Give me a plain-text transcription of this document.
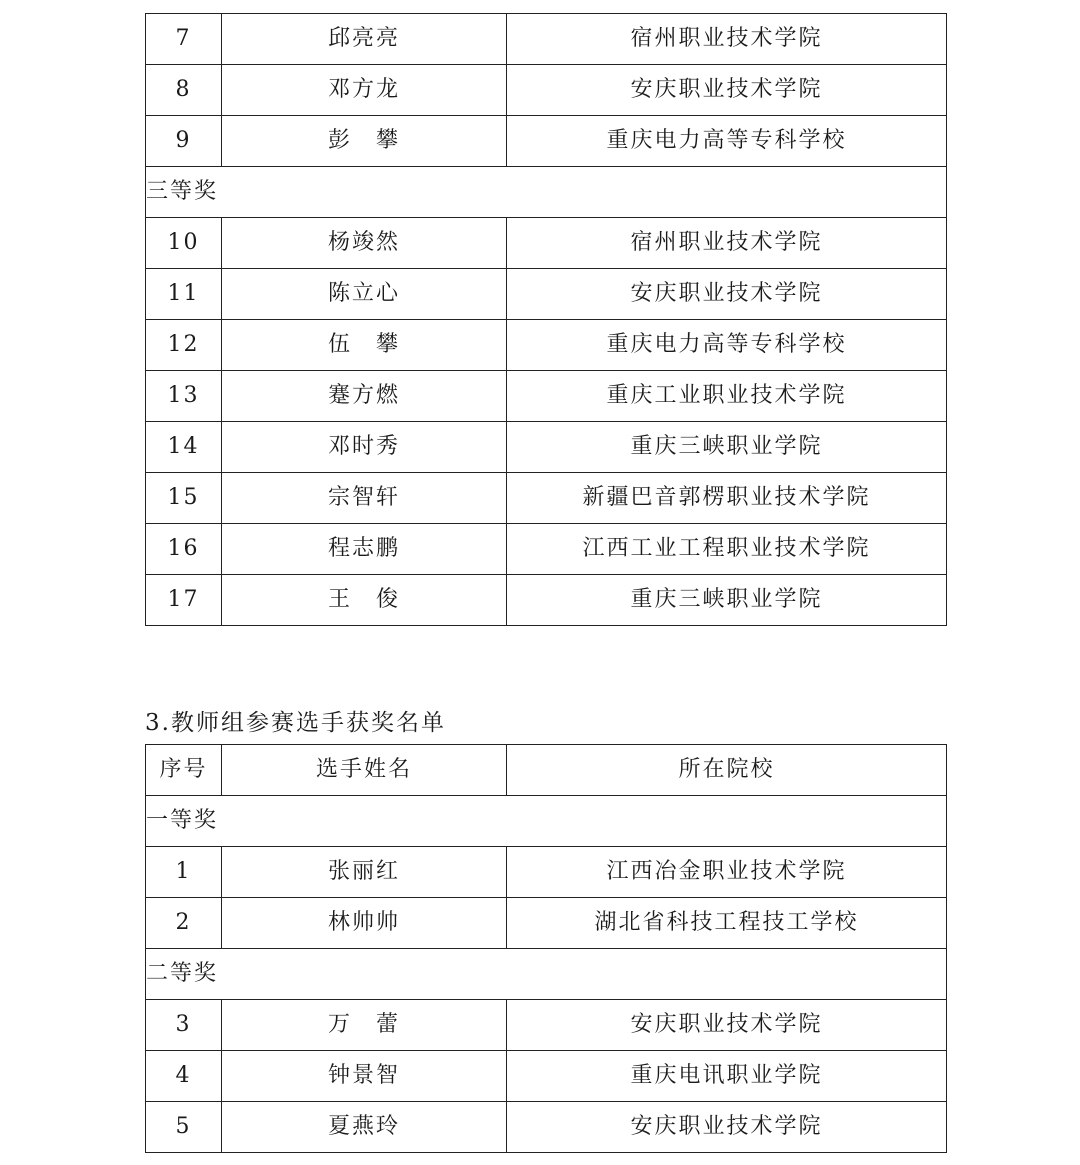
7	邱亮亮	宿州职业技术学院
8	邓方龙	安庆职业技术学院
9	彭　攀	重庆电力高等专科学校
三等奖		
10	杨竣然	宿州职业技术学院
11	陈立心	安庆职业技术学院
12	伍　攀	重庆电力高等专科学校
13	蹇方燃	重庆工业职业技术学院
14	邓时秀	重庆三峡职业学院
15	宗智轩	新疆巴音郭楞职业技术学院
16	程志鹏	江西工业工程职业技术学院
17	王　俊	重庆三峡职业学院
3.教师组参赛选手获奖名单
序号	选手姓名	所在院校
一等奖		
1	张丽红	江西冶金职业技术学院
2	林帅帅	湖北省科技工程技工学校
二等奖		
3	万　蕾	安庆职业技术学院
4	钟景智	重庆电讯职业学院
5	夏燕玲	安庆职业技术学院
